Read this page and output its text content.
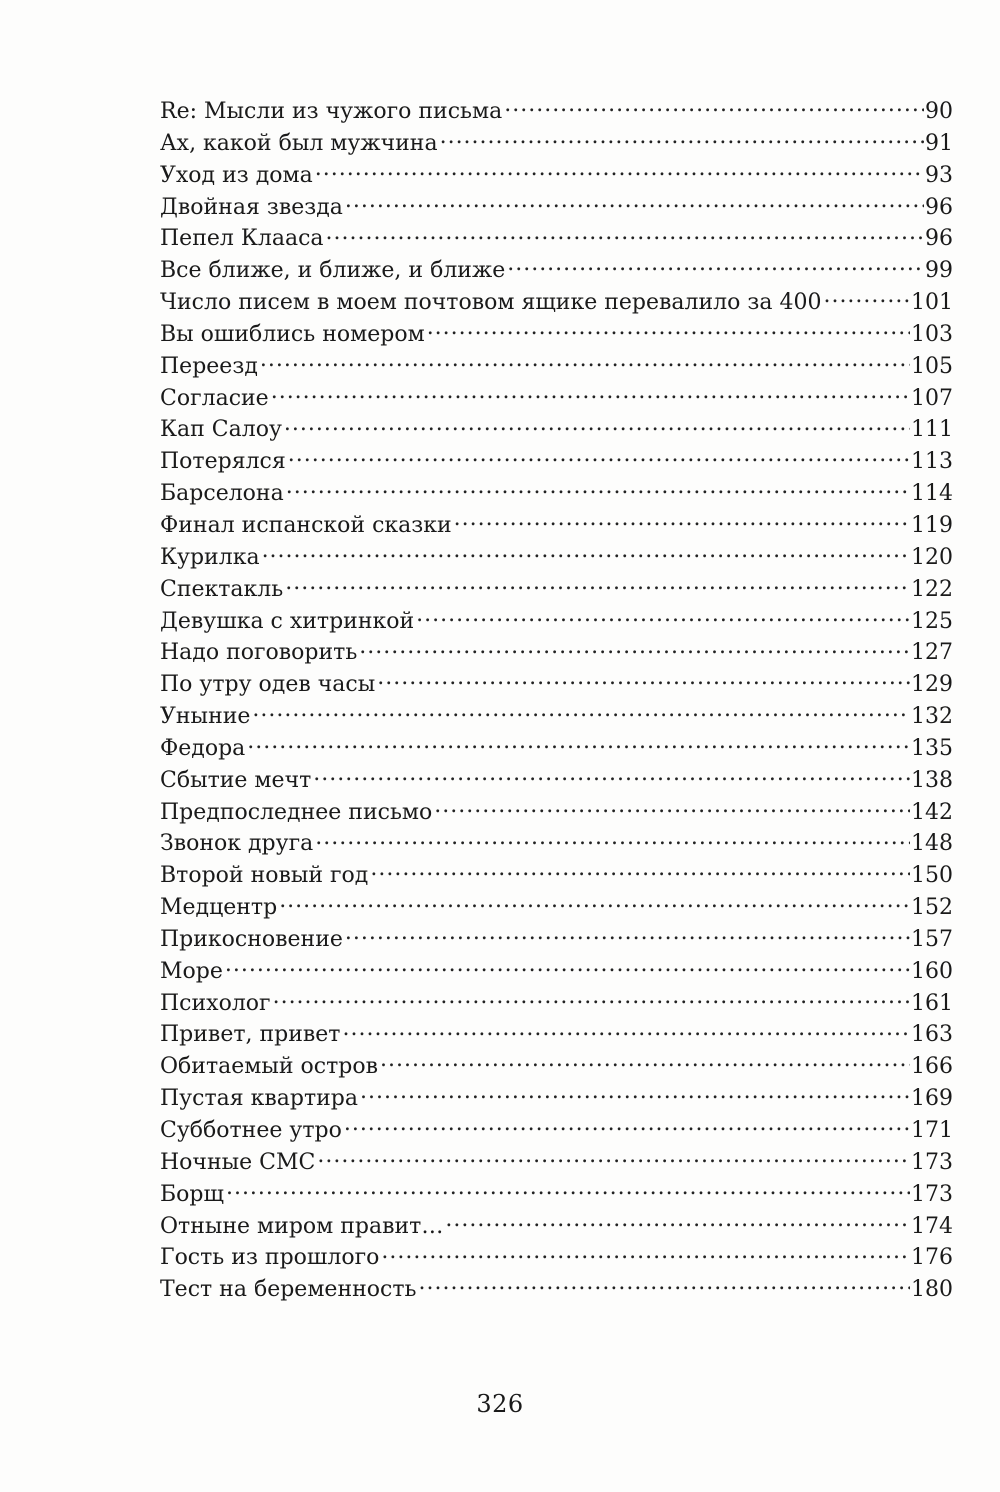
Re: Мысли из чужого письма .....	90
Ах, какой был мужчина .....	91
Уход из дома .....	93
Двойная звезда .....	96
Пепел Клааса .....	96
Все ближе, и ближе, и ближе .....	99
Число писем в моем почтовом ящике перевалило за 400 .....	101
Вы ошиблись номером .....	103
Переезд .....	105
Согласие .....	107
Кап Салоу .....	111
Потерялся .....	113
Барселона .....	114
Финал испанской сказки .....	119
Курилка .....	120
Спектакль .....	122
Девушка с хитринкой .....	125
Надо поговорить .....	127
По утру одев часы .....	129
Уныние .....	132
Федора .....	135
Сбытие мечт .....	138
Предпоследнее письмо .....	142
Звонок друга .....	148
Второй новый год .....	150
Медцентр .....	152
Прикосновение .....	157
Море .....	160
Психолог .....	161
Привет, привет .....	163
Обитаемый остров .....	166
Пустая квартира .....	169
Субботнее утро .....	171
Ночные СМС .....	173
Борщ .....	173
Отныне миром правит… .....	174
Гость из прошлого .....	176
Тест на беременность .....	180
326
